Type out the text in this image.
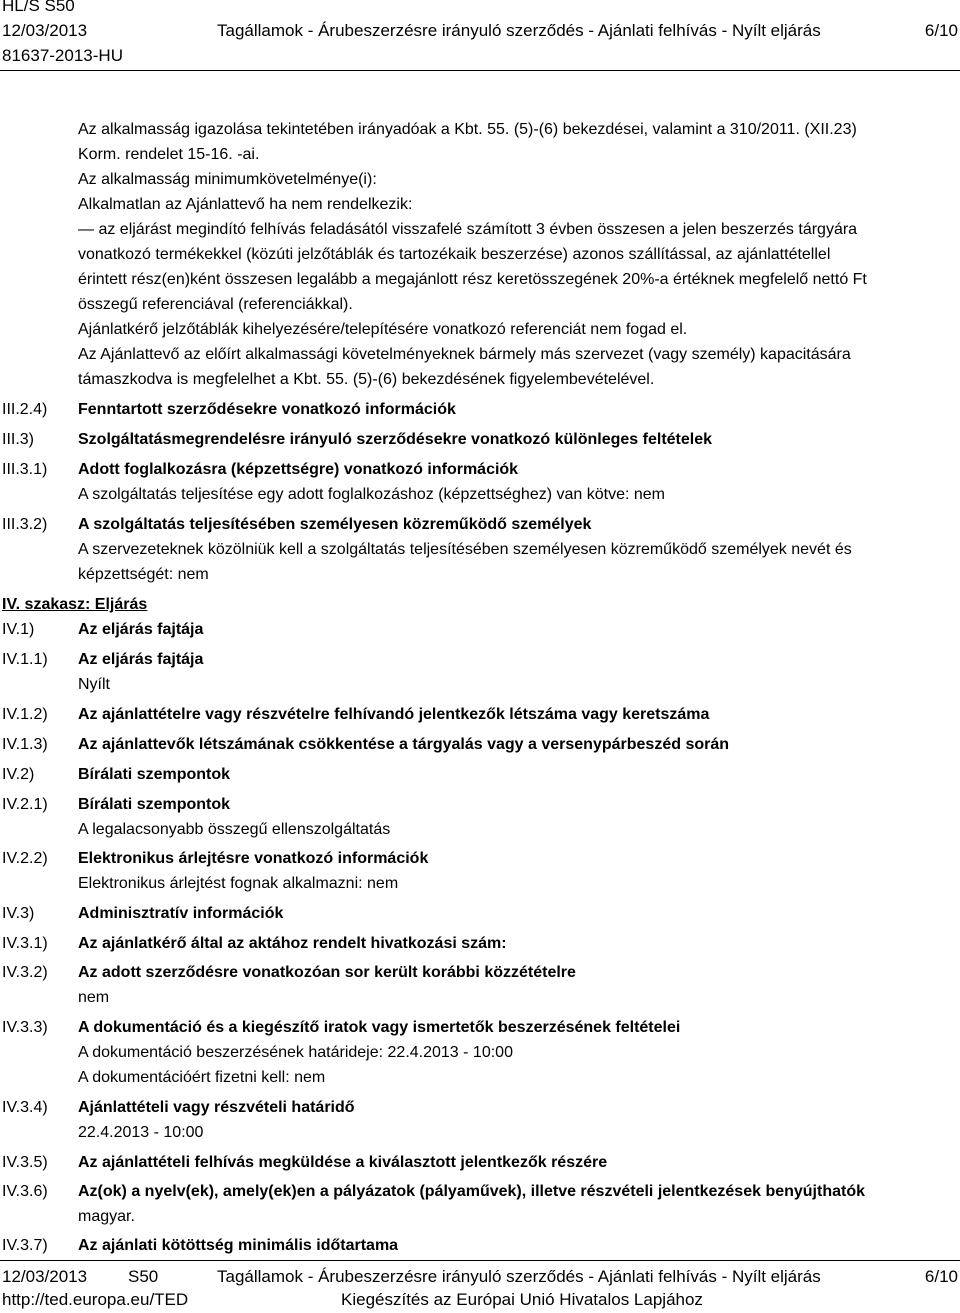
HL/S S50
12/03/2013
81637-2013-HU
Tagállamok - Árubeszerzésre irányuló szerződés - Ajánlati felhívás - Nyílt eljárás	6/10
Az alkalmasság igazolása tekintetében irányadóak a Kbt. 55. (5)-(6) bekezdései, valamint a 310/2011. (XII.23)
Korm. rendelet 15-16. -ai.
Az alkalmasság minimumkövetelménye(i):
Alkalmatlan az Ajánlattevő ha nem rendelkezik:
— az eljárást megindító felhívás feladásától visszafelé számított 3 évben összesen a jelen beszerzés tárgyára
vonatkozó termékekkel (közúti jelzőtáblák és tartozékaik beszerzése) azonos szállítással, az ajánlattétellel
érintett rész(en)ként összesen legalább a megajánlott rész keretösszegének 20%-a értéknek megfelelő nettó Ft
összegű referenciával (referenciákkal).
Ajánlatkérő jelzőtáblák kihelyezésére/telepítésére vonatkozó referenciát nem fogad el.
Az Ajánlattevő az előírt alkalmassági követelményeknek bármely más szervezet (vagy személy) kapacitására
támaszkodva is megfelelhet a Kbt. 55. (5)-(6) bekezdésének figyelembevételével.
III.2.4) Fenntartott szerződésekre vonatkozó információk
III.3)	Szolgáltatásmegrendelésre irányuló szerződésekre vonatkozó különleges feltételek
III.3.1) Adott foglalkozásra (képzettségre) vonatkozó információk
A szolgáltatás teljesítése egy adott foglalkozáshoz (képzettséghez) van kötve: nem
III.3.2) A szolgáltatás teljesítésében személyesen közreműködő személyek
A szervezeteknek közölniük kell a szolgáltatás teljesítésében személyesen közreműködő személyek nevét és
képzettségét: nem
IV. szakasz: Eljárás
IV.1)	Az eljárás fajtája
IV.1.1) Az eljárás fajtája
Nyílt
IV.1.2) Az ajánlattételre vagy részvételre felhívandó jelentkezők létszáma vagy keretszáma
IV.1.3) Az ajánlattevők létszámának csökkentése a tárgyalás vagy a versenypárbeszéd során
IV.2)	Bírálati szempontok
IV.2.1) Bírálati szempontok
A legalacsonyabb összegű ellenszolgáltatás
IV.2.2) Elektronikus árlejtésre vonatkozó információk
Elektronikus árlejtést fognak alkalmazni: nem
IV.3)	Adminisztratív információk
IV.3.1) Az ajánlatkérő által az aktához rendelt hivatkozási szám:
IV.3.2) Az adott szerződésre vonatkozóan sor került korábbi közzétételre
nem
IV.3.3) A dokumentáció és a kiegészítő iratok vagy ismertetők beszerzésének feltételei
A dokumentáció beszerzésének határideje: 22.4.2013 - 10:00
A dokumentációért fizetni kell: nem
IV.3.4) Ajánlattételi vagy részvételi határidő
22.4.2013 - 10:00
IV.3.5) Az ajánlattételi felhívás megküldése a kiválasztott jelentkezők részére
IV.3.6) Az(ok) a nyelv(ek), amely(ek)en a pályázatok (pályaművek), illetve részvételi jelentkezések benyújthatók
magyar.
IV.3.7) Az ajánlati kötöttség minimális időtartama
12/03/2013 S50	Tagállamok - Árubeszerzésre irányuló szerződés - Ajánlati felhívás - Nyílt eljárás	6/10
http://ted.europa.eu/TED	Kiegészítés az Európai Unió Hivatalos Lapjához
